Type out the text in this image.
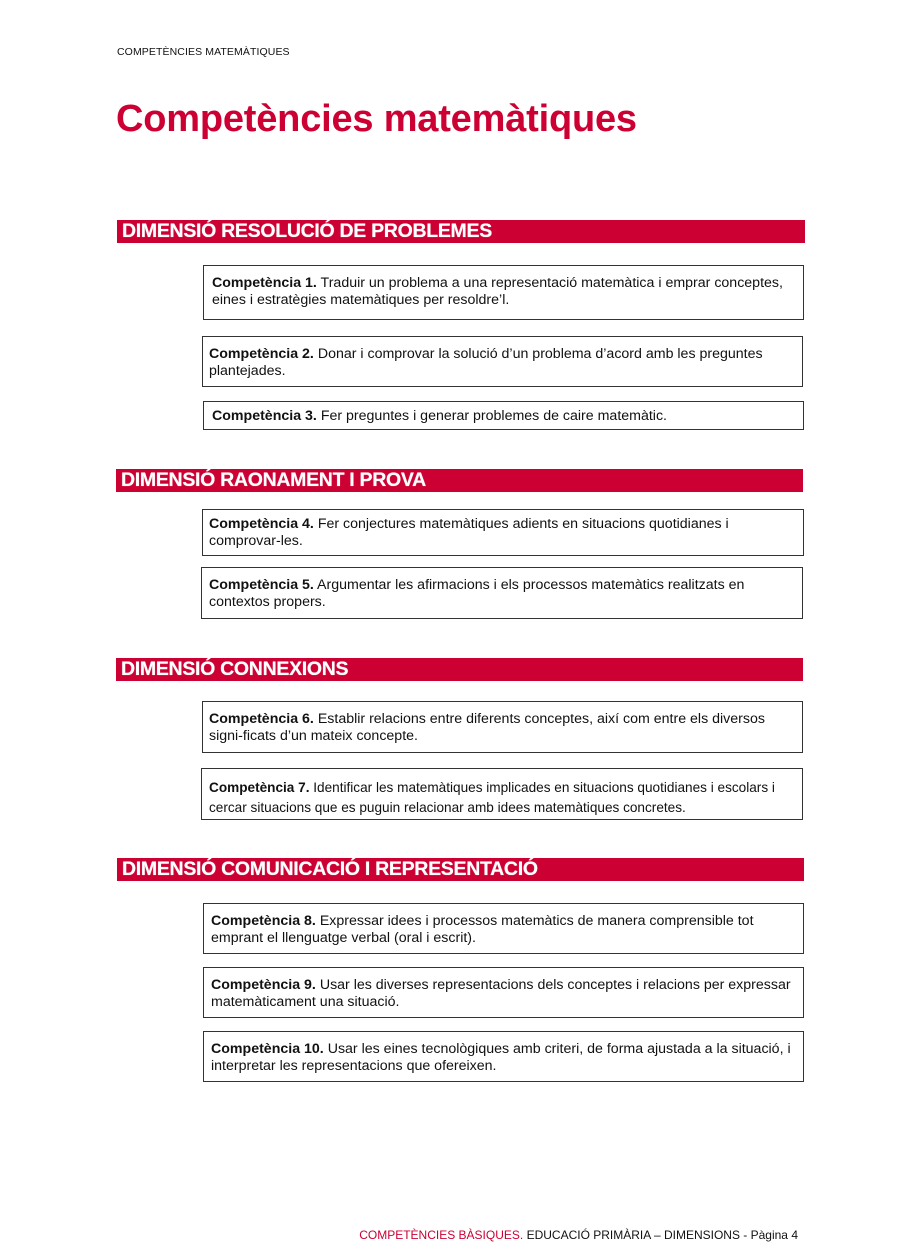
COMPETÈNCIES MATEMÀTIQUES
Competències matemàtiques
DIMENSIÓ RESOLUCIÓ DE PROBLEMES
Competència 1. Traduir un problema a una representació matemàtica i emprar conceptes, eines i estratègies matemàtiques per resoldre’l.
Competència 2. Donar i comprovar la solució d’un problema d’acord amb les preguntes plantejades.
Competència 3. Fer preguntes i generar problemes de caire matemàtic.
DIMENSIÓ RAONAMENT I PROVA
Competència 4. Fer conjectures matemàtiques adients en situacions quotidianes i comprovar-les.
Competència 5. Argumentar les afirmacions i els processos matemàtics realitzats en contextos propers.
DIMENSIÓ CONNEXIONS
Competència 6. Establir relacions entre diferents conceptes, així com entre els diversos signi-ficats d’un mateix concepte.
Competència 7. Identificar les matemàtiques implicades en situacions quotidianes i escolars i cercar situacions que es puguin relacionar amb idees matemàtiques concretes.
DIMENSIÓ COMUNICACIÓ I REPRESENTACIÓ
Competència 8. Expressar idees i processos matemàtics de manera comprensible tot emprant el llenguatge verbal (oral i escrit).
Competència 9. Usar les diverses representacions dels conceptes i relacions per expressar matemàticament una situació.
Competència 10. Usar les eines tecnològiques amb criteri, de forma ajustada a la situació, i interpretar les representacions que ofereixen.
COMPETÈNCIES BÀSIQUES. EDUCACIÓ PRIMÀRIA – DIMENSIONS - Pàgina 4
